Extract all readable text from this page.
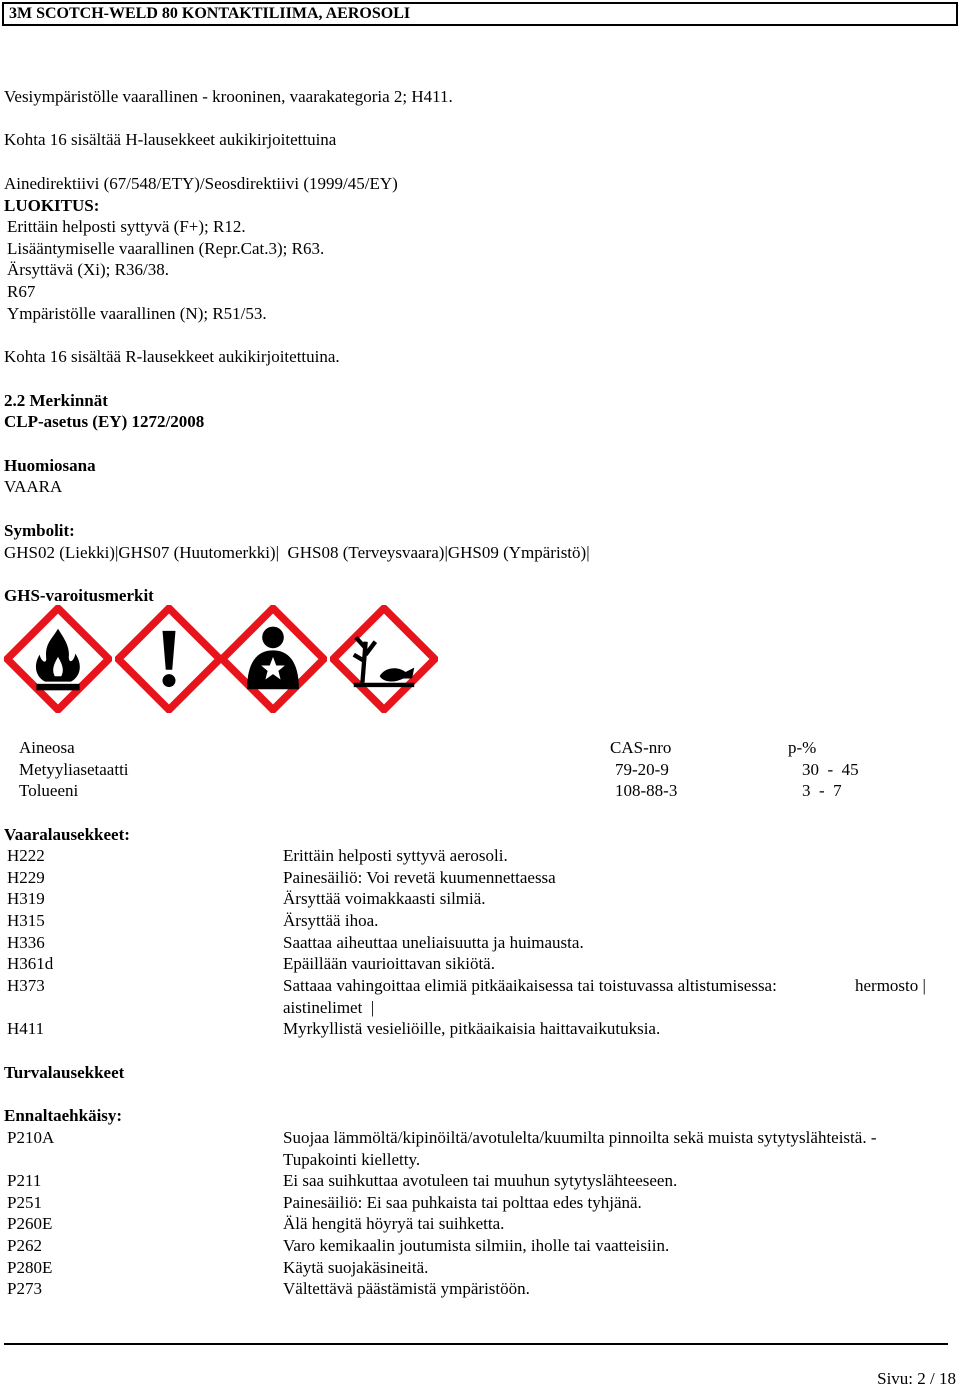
3M SCOTCH-WELD 80 KONTAKTILIIMA, AEROSOLI
Vesiympäristölle vaarallinen - krooninen, vaarakategoria 2; H411.
Kohta 16 sisältää H-lausekkeet aukikirjoitettuina
Ainedirektiivi (67/548/ETY)/Seosdirektiivi (1999/45/EY)
LUOKITUS:
Erittäin helposti syttyvä (F+); R12.
Lisääntymiselle vaarallinen (Repr.Cat.3); R63.
Ärsyttävä (Xi); R36/38.
R67
Ympäristölle vaarallinen (N); R51/53.
Kohta 16 sisältää R-lausekkeet aukikirjoitettuina.
2.2 Merkinnät
CLP-asetus (EY) 1272/2008
Huomiosana
VAARA
Symbolit:
GHS02 (Liekki)|GHS07 (Huutomerkki)|  GHS08 (Terveysvaara)|GHS09 (Ympäristö)|
GHS-varoitusmerkit
Aineosa	CAS-nro	p-%
Metyyliasetaatti	79-20-9	30  -  45
Tolueeni	108-88-3	3  -  7
Vaaralausekkeet:
H222	Erittäin helposti syttyvä aerosoli.
H229	Painesäiliö: Voi revetä kuumennettaessa
H319	Ärsyttää voimakkaasti silmiä.
H315	Ärsyttää ihoa.
H336	Saattaa aiheuttaa uneliaisuutta ja huimausta.
H361d	Epäillään vaurioittavan sikiötä.
H373	Sattaaa vahingoittaa elimiä pitkäaikaisessa tai toistuvassa altistumisessa:	hermosto |
aistinelimet  |
H411	Myrkyllistä vesieliöille, pitkäaikaisia haittavaikutuksia.
Turvalausekkeet
Ennaltaehkäisy:
P210A	Suojaa lämmöltä/kipinöiltä/avotulelta/kuumilta pinnoilta sekä muista sytytyslähteistä. -
Tupakointi kielletty.
P211	Ei saa suihkuttaa avotuleen tai muuhun sytytyslähteeseen.
P251	Painesäiliö: Ei saa puhkaista tai polttaa edes tyhjänä.
P260E	Älä hengitä höyryä tai suihketta.
P262	Varo kemikaalin joutumista silmiin, iholle tai vaatteisiin.
P280E	Käytä suojakäsineitä.
P273	Vältettävä päästämistä ympäristöön.
Sivu: 2 / 18
